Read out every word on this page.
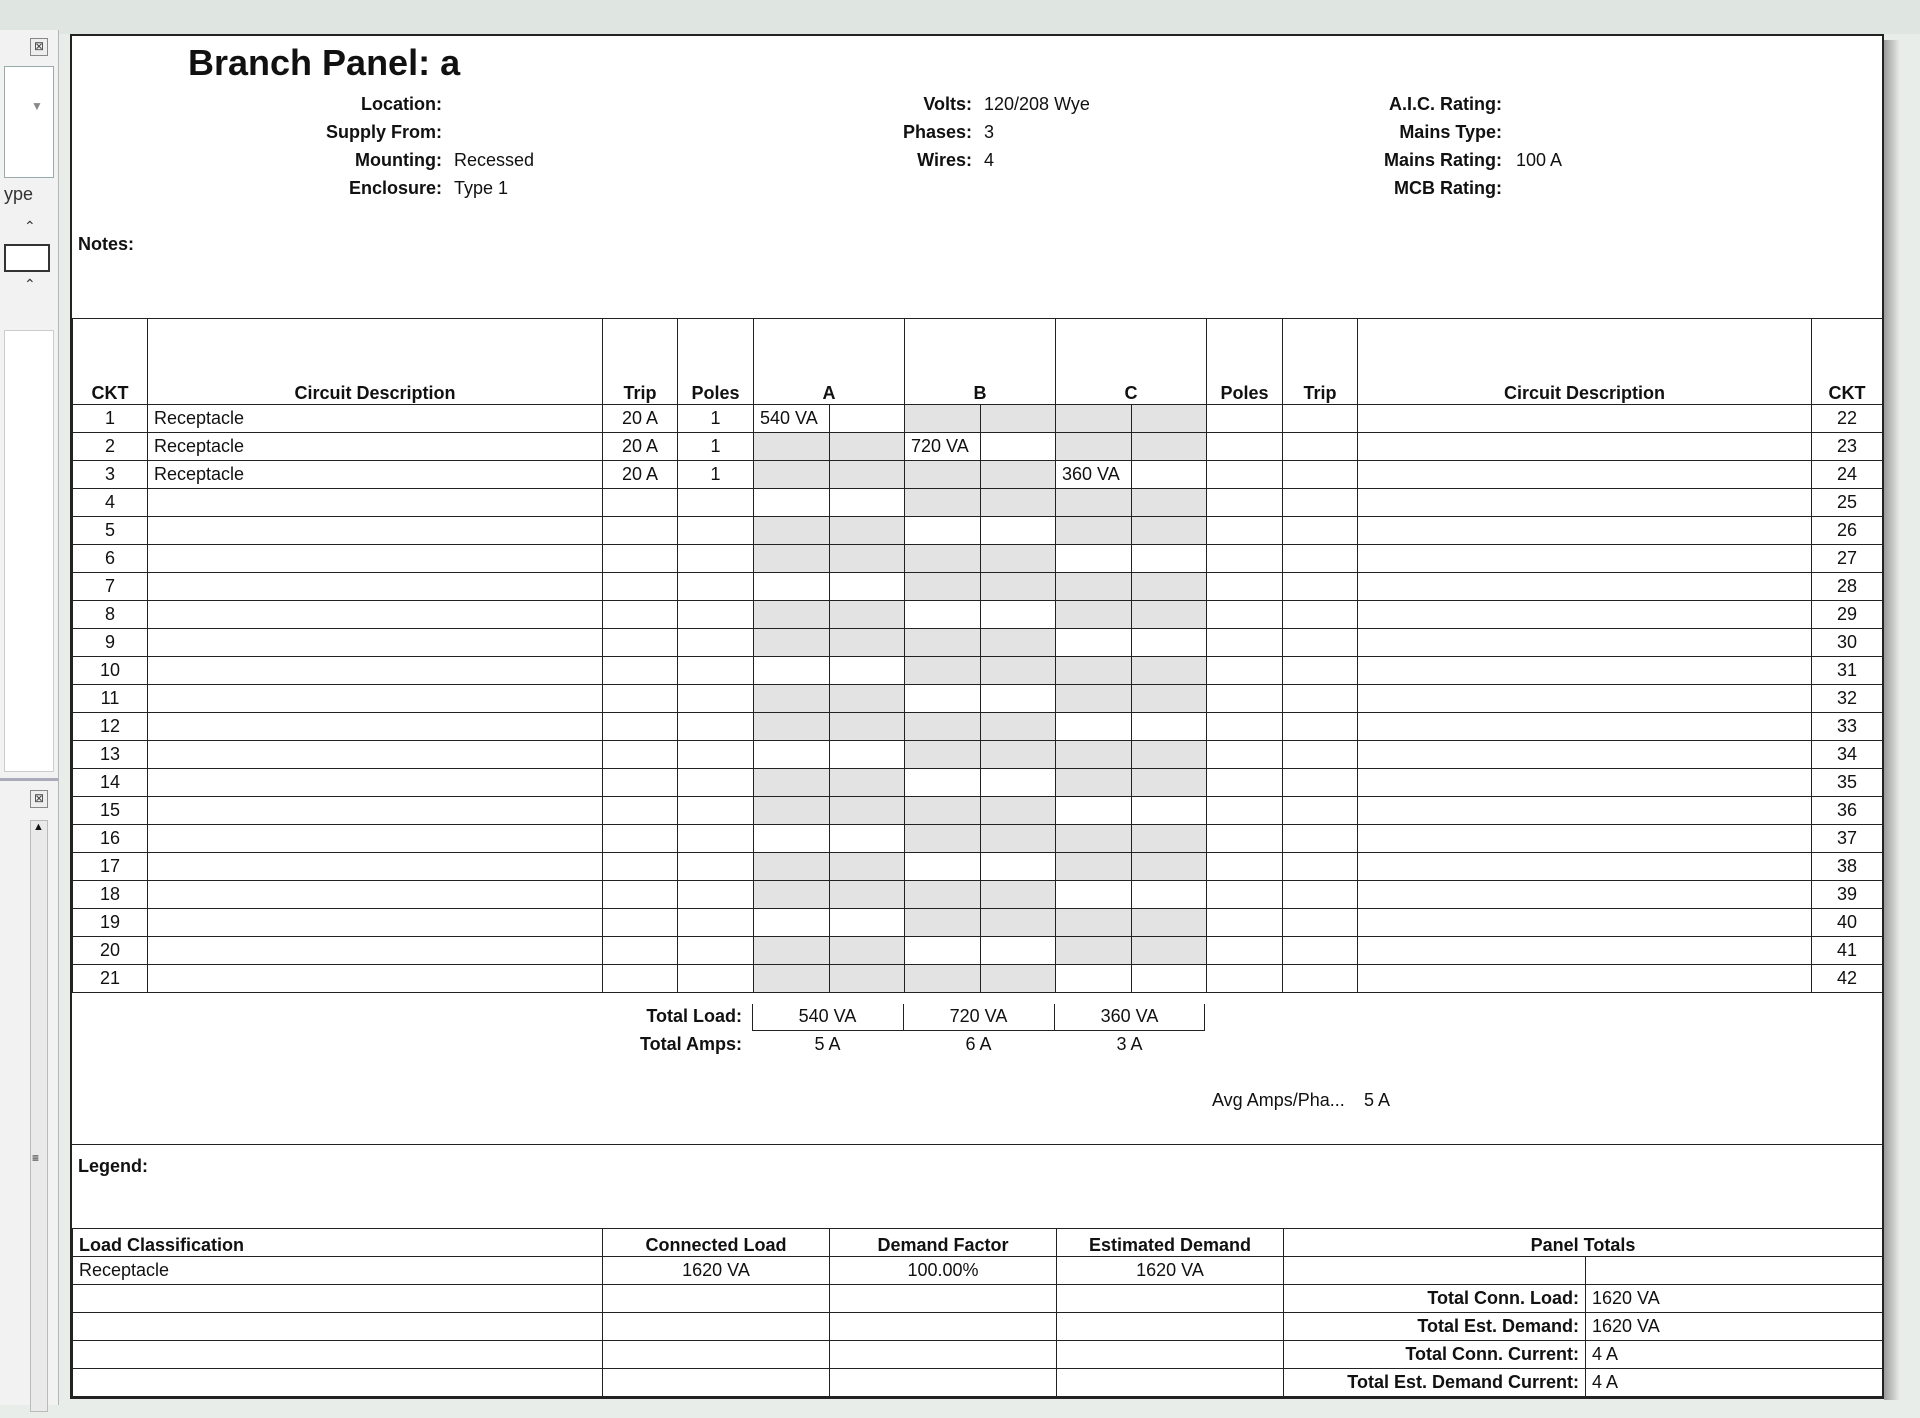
⊠
▼
ype
⌃
⌃
⊠
▲
≡
Branch Panel: a
Location:
Supply From:
Mounting: Recessed
Enclosure: Type 1
Volts: 120/208 Wye
Phases: 3
Wires: 4
A.I.C. Rating:
Mains Type:
Mains Rating: 100 A
MCB Rating:
Notes:
CKT	Circuit Description	Trip	Poles	A		B		C		Poles	Trip	Circuit Description	CKT
1	Receptacle	20 A	1	540 VA									22
2	Receptacle	20 A	1			720 VA							23
3	Receptacle	20 A	1					360 VA					24
4													25
5													26
6													27
7													28
8													29
9													30
10													31
11													32
12													33
13													34
14													35
15													36
16													37
17													38
18													39
19													40
20													41
21													42
Total Load:	540 VA	720 VA	360 VA
Total Amps:	5 A	6 A	3 A
Avg Amps/Pha... 5 A
Legend:
Load Classification	Connected Load	Demand Factor	Estimated Demand	Panel Totals	
Receptacle	1620 VA	100.00%	1620 VA		
				Total Conn. Load:	1620 VA
				Total Est. Demand:	1620 VA
				Total Conn. Current:	4 A
				Total Est. Demand Current:	4 A
